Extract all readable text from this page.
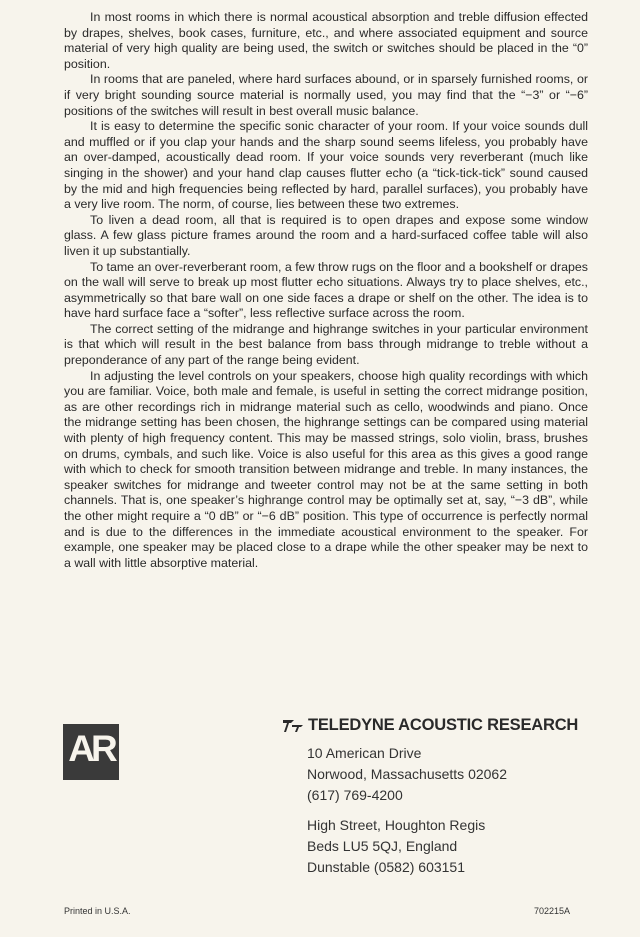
In most rooms in which there is normal acoustical absorption and treble diffusion effected by drapes, shelves, book cases, furniture, etc., and where associated equipment and source material of very high quality are being used, the switch or switches should be placed in the “0” position.

In rooms that are paneled, where hard surfaces abound, or in sparsely furnished rooms, or if very bright sounding source material is normally used, you may find that the “−3” or “−6” positions of the switches will result in best overall music balance.

It is easy to determine the specific sonic character of your room. If your voice sounds dull and muffled or if you clap your hands and the sharp sound seems lifeless, you probably have an over-damped, acoustically dead room. If your voice sounds very reverberant (much like singing in the shower) and your hand clap causes flutter echo (a “tick-tick-tick” sound caused by the mid and high frequencies being reflected by hard, parallel surfaces), you probably have a very live room. The norm, of course, lies between these two extremes.

To liven a dead room, all that is required is to open drapes and expose some window glass. A few glass picture frames around the room and a hard-surfaced coffee table will also liven it up substantially.

To tame an over-reverberant room, a few throw rugs on the floor and a bookshelf or drapes on the wall will serve to break up most flutter echo situations. Always try to place shelves, etc., asymmetrically so that bare wall on one side faces a drape or shelf on the other. The idea is to have hard surface face a “softer”, less reflective surface across the room.

The correct setting of the midrange and highrange switches in your particular environment is that which will result in the best balance from bass through midrange to treble without a preponderance of any part of the range being evident.

In adjusting the level controls on your speakers, choose high quality recordings with which you are familiar. Voice, both male and female, is useful in setting the correct midrange position, as are other recordings rich in midrange material such as cello, woodwinds and piano. Once the midrange setting has been chosen, the highrange settings can be compared using material with plenty of high frequency content. This may be massed strings, solo violin, brass, brushes on drums, cymbals, and such like. Voice is also useful for this area as this gives a good range with which to check for smooth transition between midrange and treble. In many instances, the speaker switches for midrange and tweeter control may not be at the same setting in both channels. That is, one speaker’s highrange control may be optimally set at, say, “−3 dB”, while the other might require a “0 dB” or “−6 dB” position. This type of occurrence is perfectly normal and is due to the differences in the immediate acoustical environment to the speaker. For example, one speaker may be placed close to a drape while the other speaker may be next to a wall with little absorptive material.

AR
TELEDYNE ACOUSTIC RESEARCH
10 American Drive
Norwood, Massachusetts 02062
(617) 769-4200
High Street, Houghton Regis
Beds LU5 5QJ, England
Dunstable (0582) 603151
Printed in U.S.A.	702215A
